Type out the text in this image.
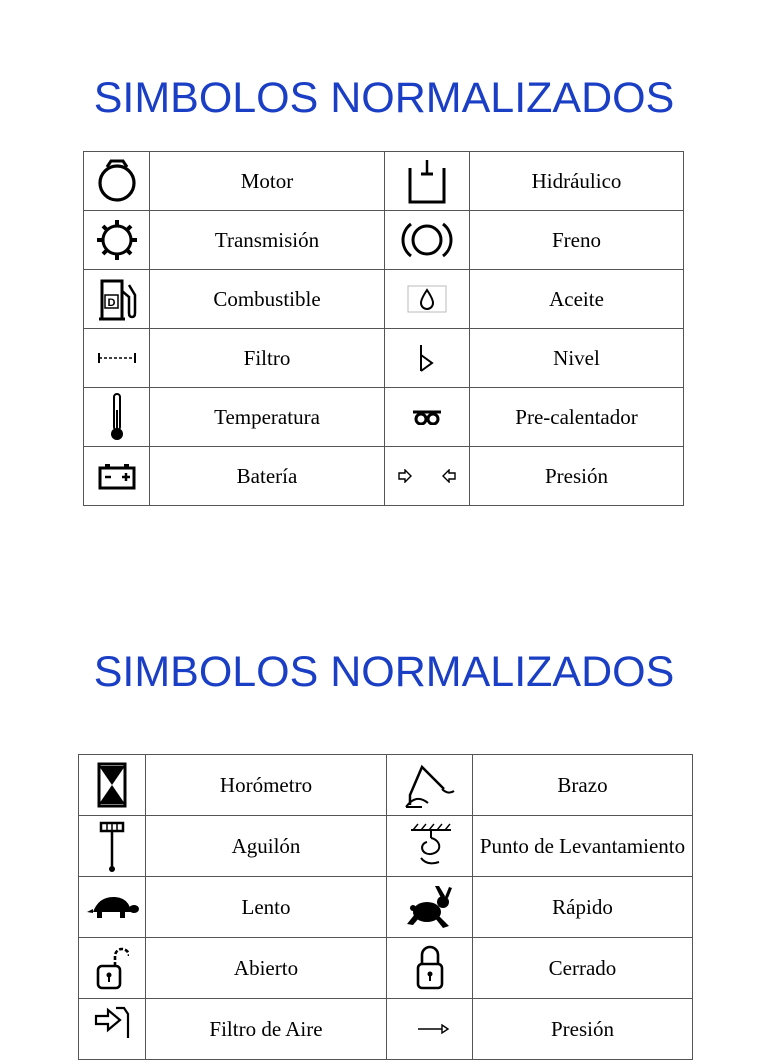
SIMBOLOS NORMALIZADOS
	Motor		Hidráulico

	Transmisión		Freno

D	Combustible		Aceite

	Filtro		Nivel

	Temperatura		Pre-calentador

	Batería		Presión
SIMBOLOS NORMALIZADOS
	Horómetro		Brazo

	Aguilón		Punto de Levantamiento

	Lento		Rápido

	Abierto		Cerrado

	Filtro de Aire		Presión
